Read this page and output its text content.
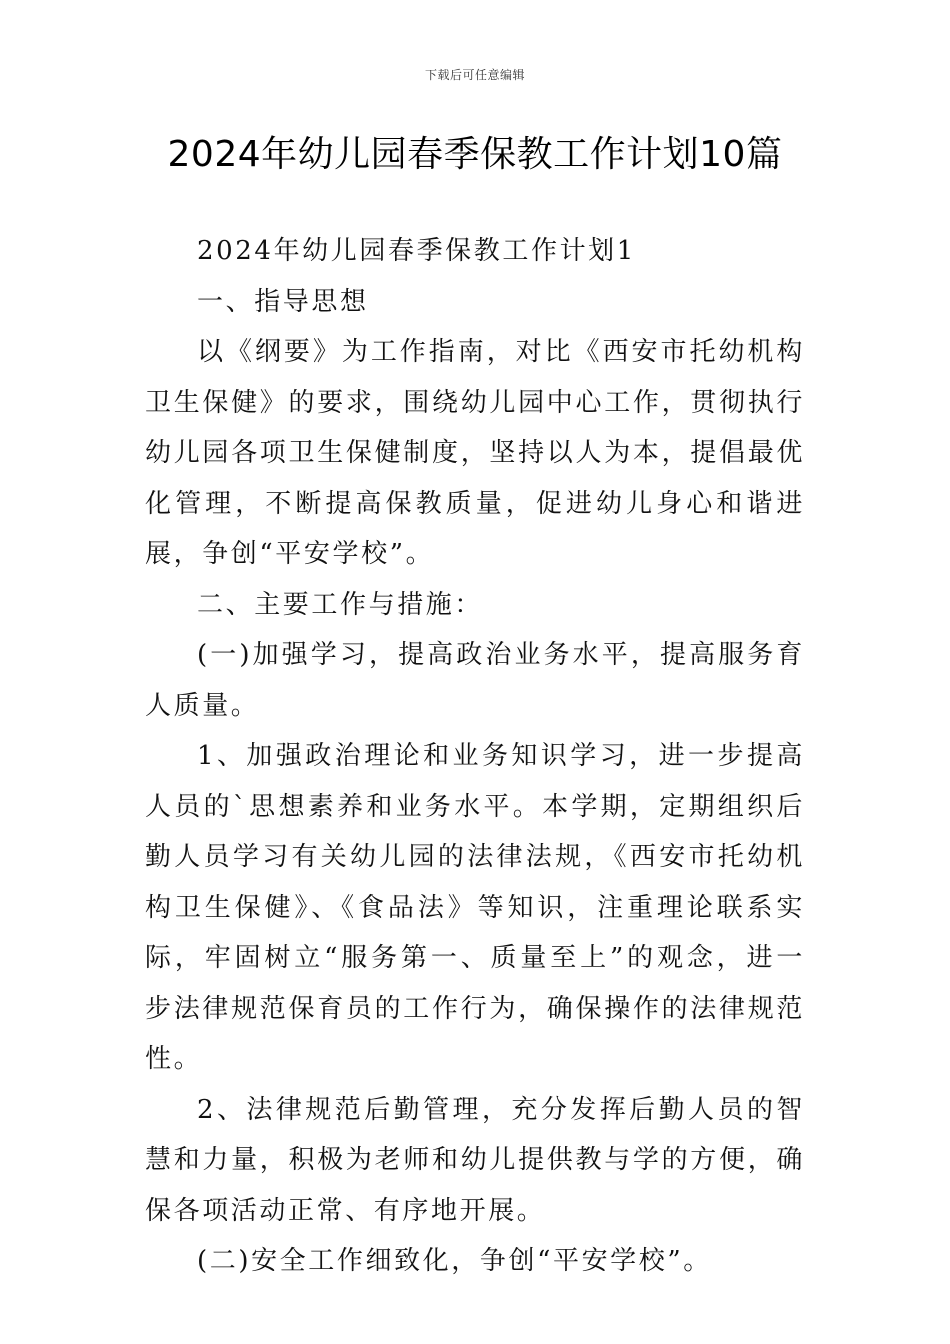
下载后可任意编辑
2024年幼儿园春季保教工作计划10篇

2024年幼儿园春季保教工作计划1

一、指导思想

以《纲要》为工作指南，对比《西安市托幼机构卫生保健》的要求，围绕幼儿园中心工作，贯彻执行幼儿园各项卫生保健制度，坚持以人为本，提倡最优化管理，不断提高保教质量，促进幼儿身心和谐进展，争创“平安学校”。

二、主要工作与措施：

(一)加强学习，提高政治业务水平，提高服务育人质量。

1、加强政治理论和业务知识学习，进一步提高人员的`思想素养和业务水平。本学期，定期组织后勤人员学习有关幼儿园的法律法规，《西安市托幼机构卫生保健》、《食品法》等知识，注重理论联系实际，牢固树立“服务第一、质量至上”的观念，进一步法律规范保育员的工作行为，确保操作的法律规范性。

2、法律规范后勤管理，充分发挥后勤人员的智慧和力量，积极为老师和幼儿提供教与学的方便，确保各项活动正常、有序地开展。

(二)安全工作细致化，争创“平安学校”。
